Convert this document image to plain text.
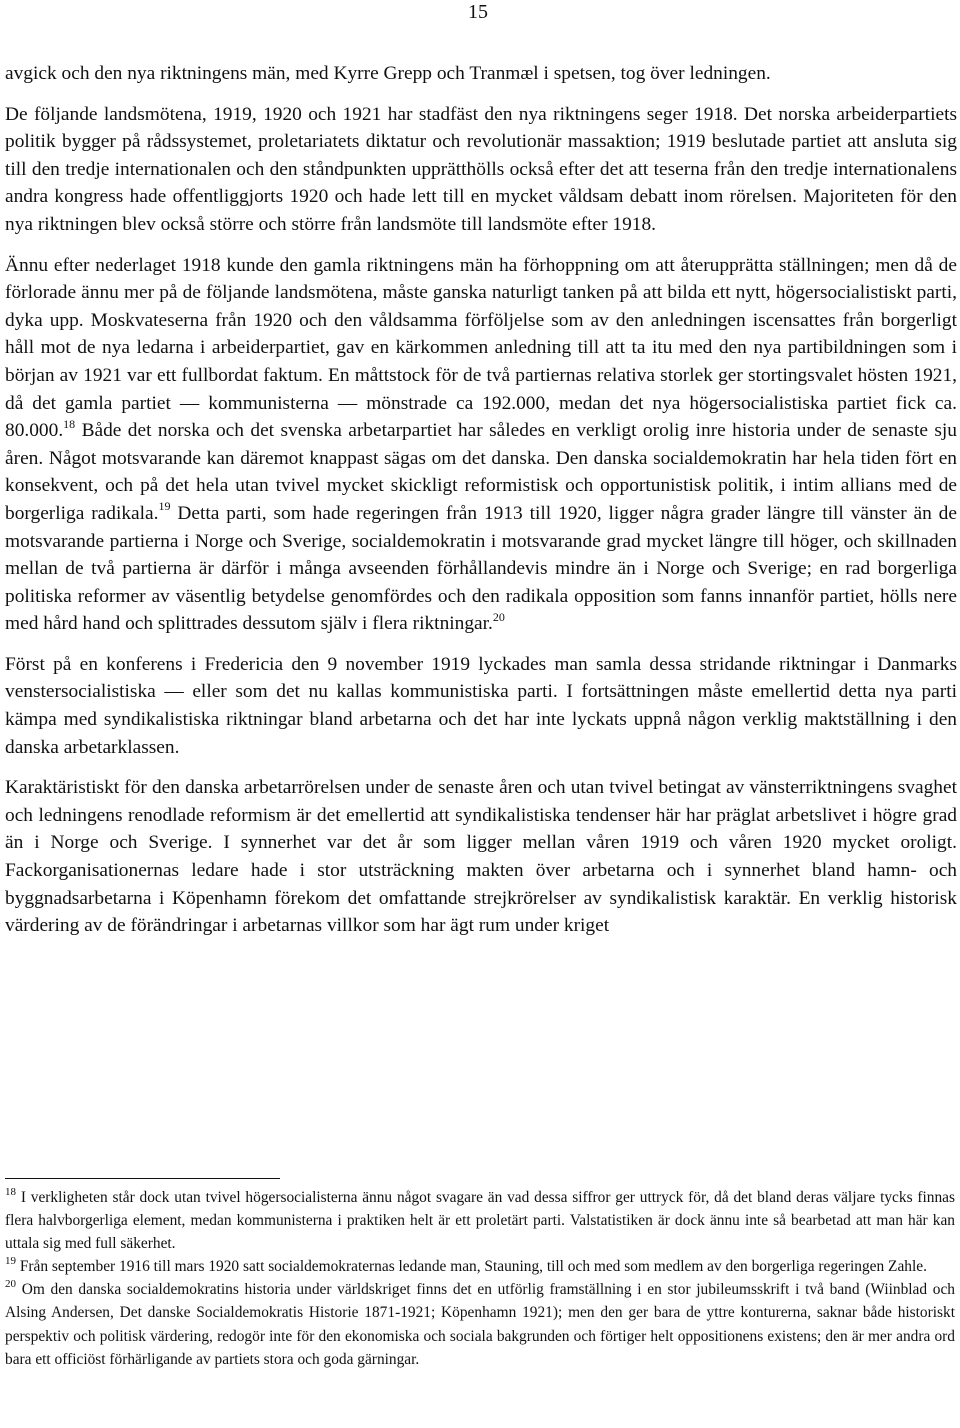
15

avgick och den nya riktningens män, med Kyrre Grepp och Tranmæl i spetsen, tog över ledningen.

De följande landsmötena, 1919, 1920 och 1921 har stadfäst den nya riktningens seger 1918. Det norska arbeiderpartiets politik bygger på rådssystemet, proletariatets diktatur och revolutionär massaktion; 1919 beslutade partiet att ansluta sig till den tredje internationalen och den ståndpunkten upprätthölls också efter det att teserna från den tredje internationalens andra kongress hade offentliggjorts 1920 och hade lett till en mycket våldsam debatt inom rörelsen. Majoriteten för den nya riktningen blev också större och större från landsmöte till landsmöte efter 1918.

Ännu efter nederlaget 1918 kunde den gamla riktningens män ha förhoppning om att återupprätta ställningen; men då de förlorade ännu mer på de följande landsmötena, måste ganska naturligt tanken på att bilda ett nytt, högersocialistiskt parti, dyka upp. Moskvateserna från 1920 och den våldsamma förföljelse som av den anledningen iscensattes från borgerligt håll mot de nya ledarna i arbeiderpartiet, gav en kärkommen anledning till att ta itu med den nya partibildningen som i början av 1921 var ett fullbordat faktum. En måttstock för de två partiernas relativa storlek ger stortingsvalet hösten 1921, då det gamla partiet — kommunisterna — mönstrade ca 192.000, medan det nya högersocialistiska partiet fick ca. 80.000.18 Både det norska och det svenska arbetarpartiet har således en verkligt orolig inre historia under de senaste sju åren. Något motsvarande kan däremot knappast sägas om det danska. Den danska socialdemokratin har hela tiden fört en konsekvent, och på det hela utan tvivel mycket skickligt reformistisk och opportunistisk politik, i intim allians med de borgerliga radikala.$^{19}$ Detta parti, som hade regeringen från 1913 till 1920, ligger några grader längre till vänster än de motsvarande partierna i Norge och Sverige, socialdemokratin i motsvarande grad mycket längre till höger, och skillnaden mellan de två partierna är därför i många avseenden förhållandevis mindre än i Norge och Sverige; en rad borgerliga politiska reformer av väsentlig betydelse genomfördes och den radikala opposition som fanns innanför partiet, hölls nere med hård hand och splittrades dessutom själv i flera riktningar.$^{20}$

Först på en konferens i Fredericia den 9 november 1919 lyckades man samla dessa stridande riktningar i Danmarks venstersocialistiska — eller som det nu kallas kommunistiska parti. I fortsättningen måste emellertid detta nya parti kämpa med syndikalistiska riktningar bland arbetarna och det har inte lyckats uppnå någon verklig maktställning i den danska arbetarklassen.

Karaktäristiskt för den danska arbetarrörelsen under de senaste åren och utan tvivel betingat av vänsterriktningens svaghet och ledningens renodlade reformism är det emellertid att syndikalistiska tendenser här har präglat arbetslivet i högre grad än i Norge och Sverige. I synnerhet var det år som ligger mellan våren 1919 och våren 1920 mycket oroligt. Fackorganisationernas ledare hade i stor utsträckning makten över arbetarna och i synnerhet bland hamn- och byggnadsarbetarna i Köpenhamn förekom det omfattande strejkrörelser av syndikalistisk karaktär. En verklig historisk värdering av de förändringar i arbetarnas villkor som har ägt rum under kriget

$^{18}$ I verkligheten står dock utan tvivel högersocialisterna ännu något svagare än vad dessa siffror ger uttryck för, då det bland deras väljare tycks finnas flera halvborgerliga element, medan kommunisterna i praktiken helt är ett proletärt parti. Valstatistiken är dock ännu inte så bearbetad att man här kan uttala sig med full säkerhet.

$^{19}$ Från september 1916 till mars 1920 satt socialdemokraternas ledande man, Stauning, till och med som medlem av den borgerliga regeringen Zahle.

$^{20}$ Om den danska socialdemokratins historia under världskriget finns det en utförlig framställning i en stor jubileumsskrift i två band (Wiinblad och Alsing Andersen, Det danske Socialdemokratis Historie 1871-1921; Köpenhamn 1921); men den ger bara de yttre konturerna, saknar både historiskt perspektiv och politisk värdering, redogör inte för den ekonomiska och sociala bakgrunden och förtiger helt oppositionens existens; den är mer andra ord bara ett officiöst förhärligande av partiets stora och goda gärningar.
